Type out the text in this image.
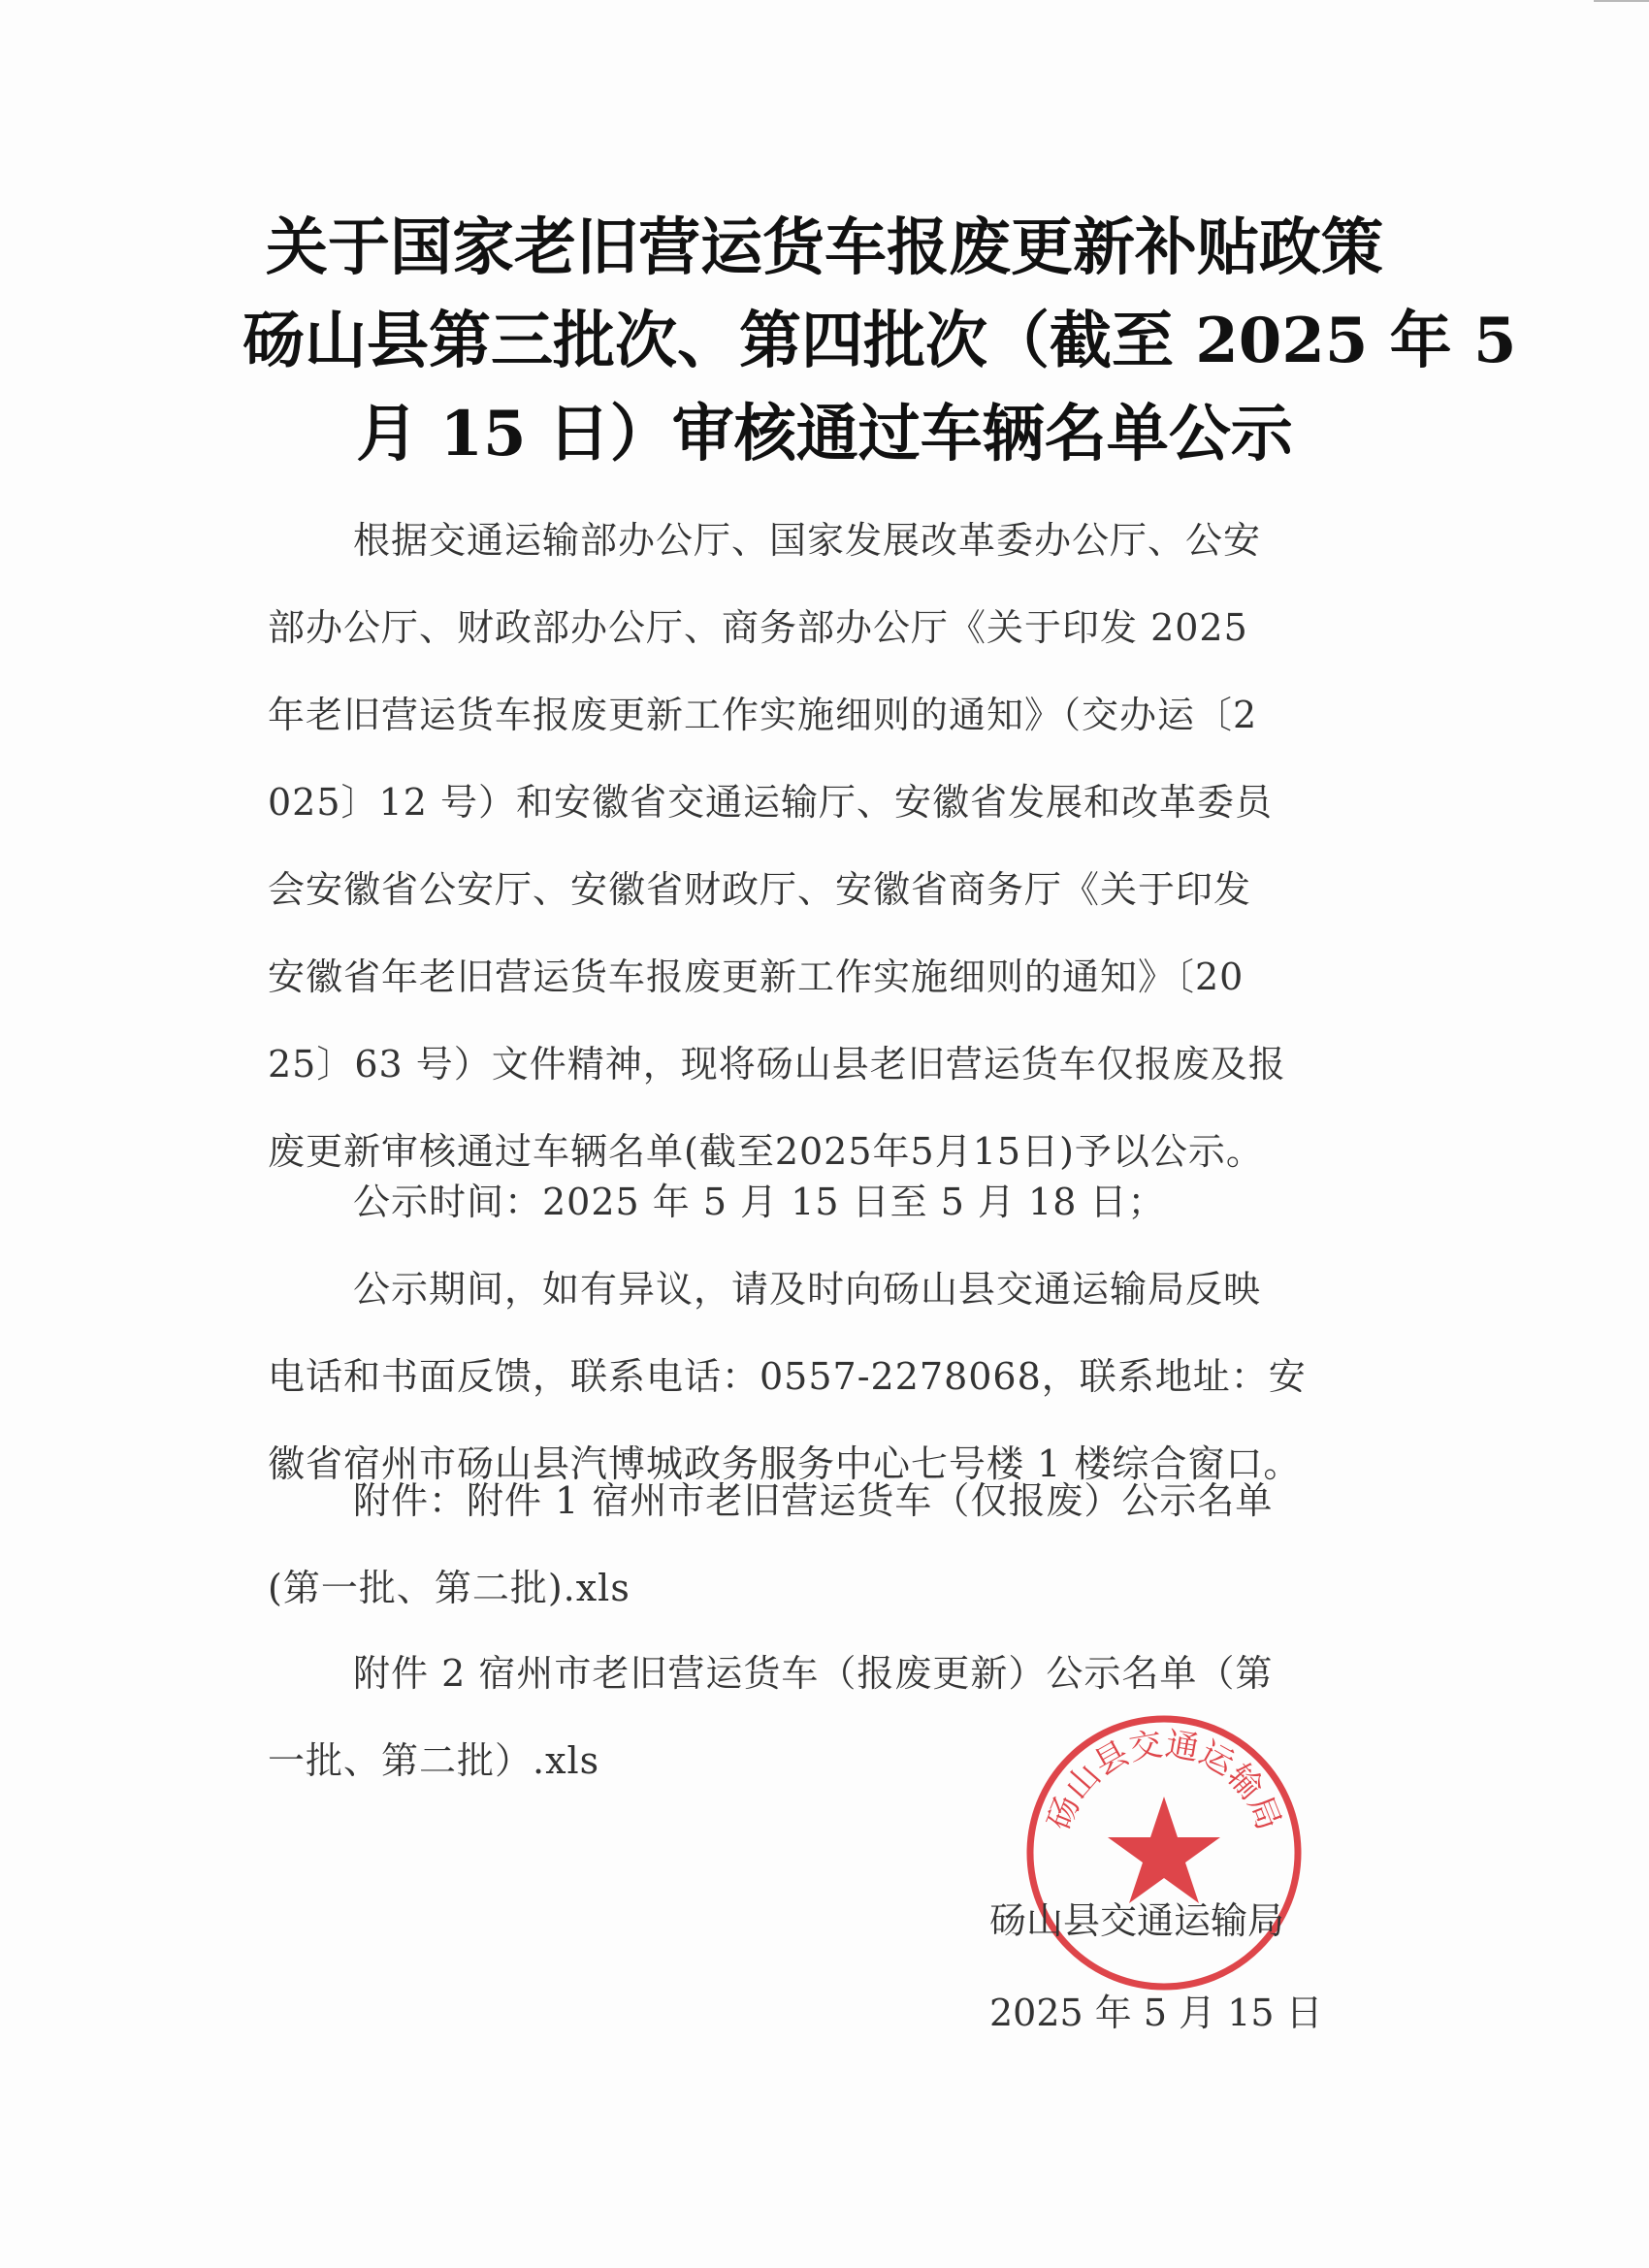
关于国家老旧营运货车报废更新补贴政策
砀山县第三批次、第四批次（截至 2025 年 5
月 15 日）审核通过车辆名单公示
根据交通运输部办公厅、国家发展改革委办公厅、公安
部办公厅、财政部办公厅、商务部办公厅《关于印发 2025
年老旧营运货车报废更新工作实施细则的通知》（交办运〔2
025〕12 号）和安徽省交通运输厅、安徽省发展和改革委员
会安徽省公安厅、安徽省财政厅、安徽省商务厅《关于印发
安徽省年老旧营运货车报废更新工作实施细则的通知》〔20
25〕63 号）文件精神，现将砀山县老旧营运货车仅报废及报
废更新审核通过车辆名单(截至2025年5月15日)予以公示。
公示时间：2025 年 5 月 15 日至 5 月 18 日；
公示期间，如有异议，请及时向砀山县交通运输局反映
电话和书面反馈，联系电话：0557-2278068，联系地址：安
徽省宿州市砀山县汽博城政务服务中心七号楼 1 楼综合窗口。
附件：附件 1 宿州市老旧营运货车（仅报废）公示名单
(第一批、第二批).xls
附件 2 宿州市老旧营运货车（报废更新）公示名单（第
一批、第二批）.xls
砀山县交通运输局
砀山县交通运输局
2025 年 5 月 15 日
